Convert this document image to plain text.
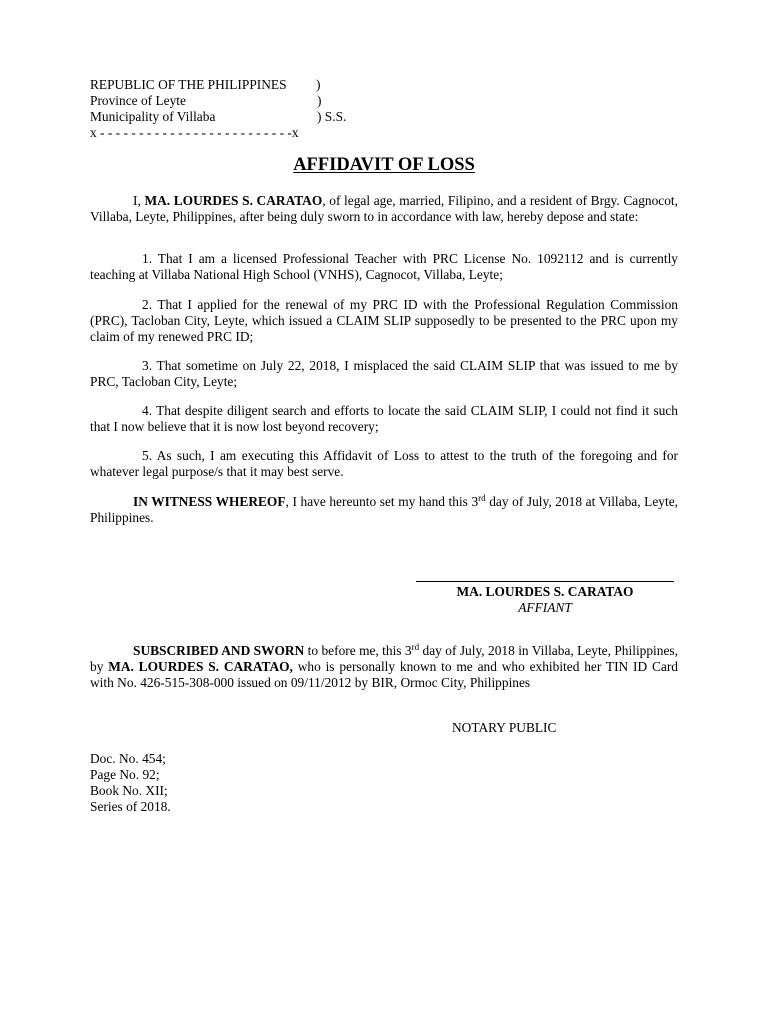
REPUBLIC OF THE PHILIPPINES )
Province of Leyte	)
Municipality of Villaba	) S.S.
x - - - - - - - - - - - - - - - - - - - - - - - - -x
AFFIDAVIT OF LOSS

I, MA. LOURDES S. CARATAO, of legal age, married, Filipino, and a resident of Brgy. Cagnocot, Villaba, Leyte, Philippines, after being duly sworn to in accordance with law, hereby depose and state:

1. That I am a licensed Professional Teacher with PRC License No. 1092112 and is currently teaching at Villaba National High School (VNHS), Cagnocot, Villaba, Leyte;

2. That I applied for the renewal of my PRC ID with the Professional Regulation Commission (PRC), Tacloban City, Leyte, which issued a CLAIM SLIP supposedly to be presented to the PRC upon my claim of my renewed PRC ID;

3. That sometime on July 22, 2018, I misplaced the said CLAIM SLIP that was issued to me by PRC, Tacloban City, Leyte;

4. That despite diligent search and efforts to locate the said CLAIM SLIP, I could not find it such that I now believe that it is now lost beyond recovery;

5. As such, I am executing this Affidavit of Loss to attest to the truth of the foregoing and for whatever legal purpose/s that it may best serve.

IN WITNESS WHEREOF, I have hereunto set my hand this 3rd day of July, 2018 at Villaba, Leyte, Philippines.

MA. LOURDES S. CARATAO
AFFIANT

SUBSCRIBED AND SWORN to before me, this 3rd day of July, 2018 in Villaba, Leyte, Philippines, by MA. LOURDES S. CARATAO, who is personally known to me and who exhibited her TIN ID Card with No. 426-515-308-000 issued on 09/11/2012 by BIR, Ormoc City, Philippines

NOTARY PUBLIC
Doc. No. 454;
Page No. 92;
Book No. XII;
Series of 2018.
